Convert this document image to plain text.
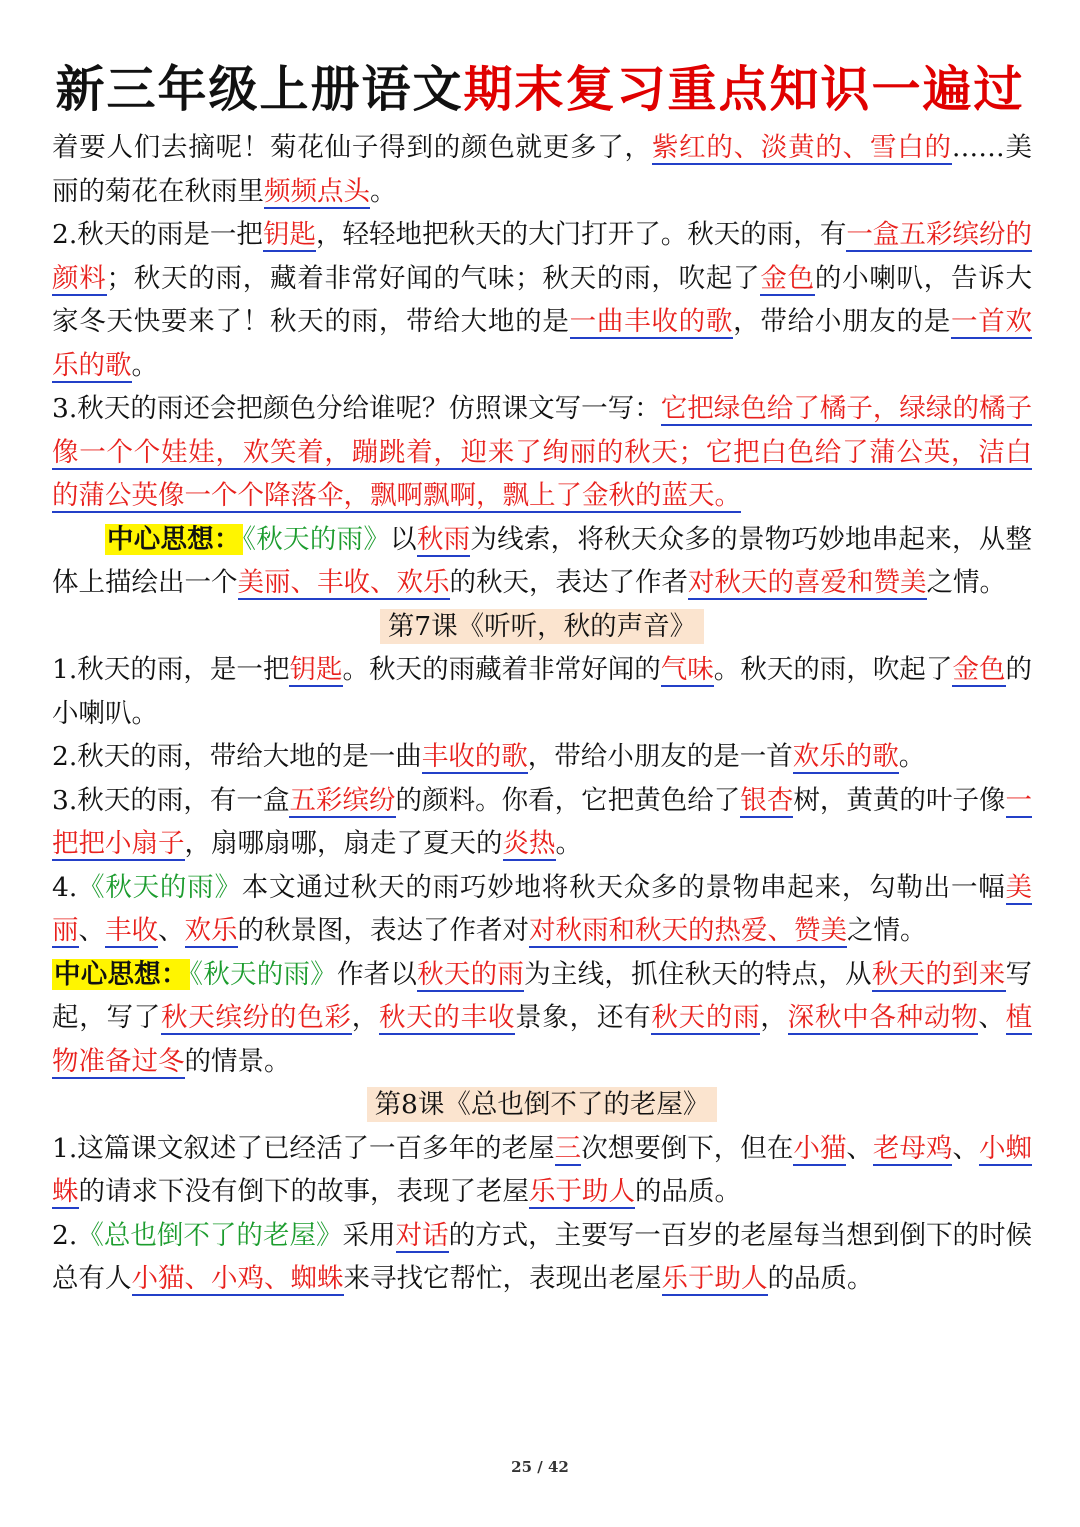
新三年级上册语文期末复习重点知识一遍过

着要人们去摘呢！菊花仙子得到的颜色就更多了，紫红的、淡黄的、雪白的……美丽的菊花在秋雨里频频点头。

2.秋天的雨是一把钥匙，轻轻地把秋天的大门打开了。秋天的雨，有一盒五彩缤纷的颜料；秋天的雨，藏着非常好闻的气味；秋天的雨，吹起了金色的小喇叭，告诉大家冬天快要来了！秋天的雨，带给大地的是一曲丰收的歌，带给小朋友的是一首欢乐的歌。

3.秋天的雨还会把颜色分给谁呢？仿照课文写一写：它把绿色给了橘子，绿绿的橘子像一个个娃娃，欢笑着，蹦跳着，迎来了绚丽的秋天；它把白色给了蒲公英，洁白的蒲公英像一个个降落伞，飘啊飘啊，飘上了金秋的蓝天。

中心思想：《秋天的雨》以秋雨为线索，将秋天众多的景物巧妙地串起来，从整体上描绘出一个美丽、丰收、欢乐的秋天，表达了作者对秋天的喜爱和赞美之情。

第7课《听听，秋的声音》

1.秋天的雨，是一把钥匙。秋天的雨藏着非常好闻的气味。秋天的雨，吹起了金色的小喇叭。

2.秋天的雨，带给大地的是一曲丰收的歌，带给小朋友的是一首欢乐的歌。

3.秋天的雨，有一盒五彩缤纷的颜料。你看，它把黄色给了银杏树，黄黄的叶子像一把把小扇子，扇哪扇哪，扇走了夏天的炎热。

4.《秋天的雨》本文通过秋天的雨巧妙地将秋天众多的景物串起来，勾勒出一幅美丽、丰收、欢乐的秋景图，表达了作者对对秋雨和秋天的热爱、赞美之情。

中心思想：《秋天的雨》作者以秋天的雨为主线，抓住秋天的特点，从秋天的到来写起，写了秋天缤纷的色彩，秋天的丰收景象，还有秋天的雨，深秋中各种动物、植物准备过冬的情景。

第8课《总也倒不了的老屋》

1.这篇课文叙述了已经活了一百多年的老屋三次想要倒下，但在小猫、老母鸡、小蜘蛛的请求下没有倒下的故事，表现了老屋乐于助人的品质。

2.《总也倒不了的老屋》采用对话的方式，主要写一百岁的老屋每当想到倒下的时候总有人小猫、小鸡、蜘蛛来寻找它帮忙，表现出老屋乐于助人的品质。

25 / 42
